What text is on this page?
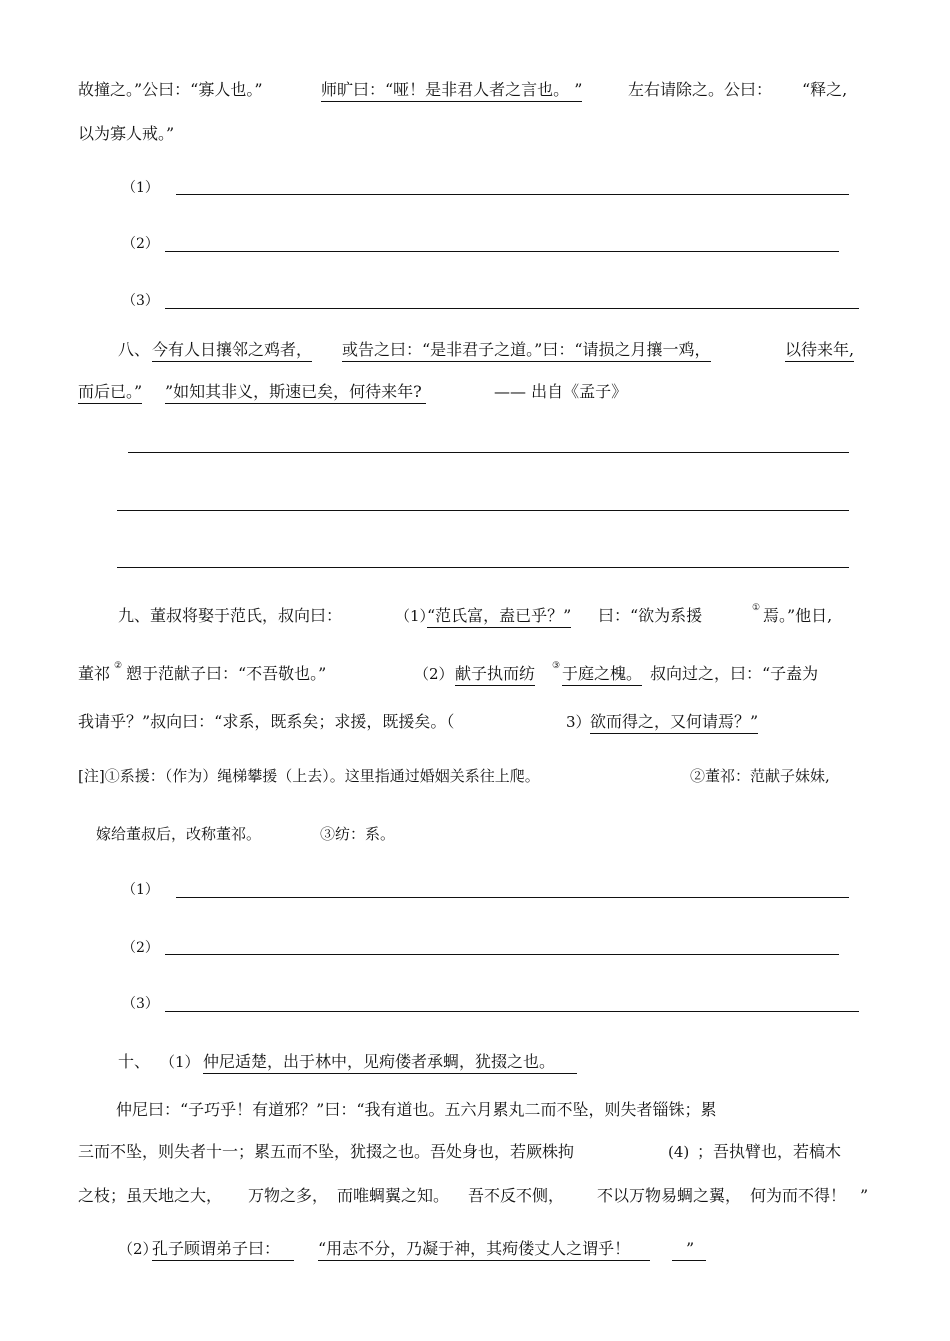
故撞之。”公曰：“寡人也。”	师旷曰：“哑！是非君人者之言也。 ”	左右请除之。公曰： “释之,
以为寡人戒。”
（1）
（2）
（3）
八、 今有人日攘邻之鸡者， 或告之曰：“是非君子之道。”曰：“请损之月攘一鸡，	以待来年,
而后已。” ”如知其非义，斯速已矣，何待来年?	—— 出自《孟子》
九、董叔将娶于范氏，叔向曰：	（1）
“范氏富，盍已乎？” 曰：“欲为系援	① 焉。”他日,
董祁 ② 愬于范献子曰：“不吾敬也。”	（2） 献子执而纺 ③ 于庭之槐。 叔向过之，曰：“子盍为
我请乎？”叔向曰：“求系，既系矣；求援，既援矣。（	3） 欲而得之，又何请焉？”
[注]①系援：（作为）绳梯攀援（上去）。这里指通过婚姻关系往上爬。	②董祁：范献子妹妹,
嫁给董叔后，改称董祁。	③纺：系。
（1）
（2）
（3）
十、 （1） 仲尼适楚，出于林中，见痀偻者承蜩，犹掇之也。
仲尼曰：“子巧乎！有道邪？”曰：“我有道也。五六月累丸二而不坠，则失者锱铢；累
三而不坠，则失者十一；累五而不坠，犹掇之也。吾处身也，若厥株拘	(4) ；吾执臂也，若槁木
之枝；虽天地之大， 万物之多， 而唯蜩翼之知。 吾不反不侧， 不以万物易蜩之翼， 何为而不得！ ”
（2）
孔子顾谓弟子曰：	“用志不分，乃凝于神，其痀偻丈人之谓乎！	”
